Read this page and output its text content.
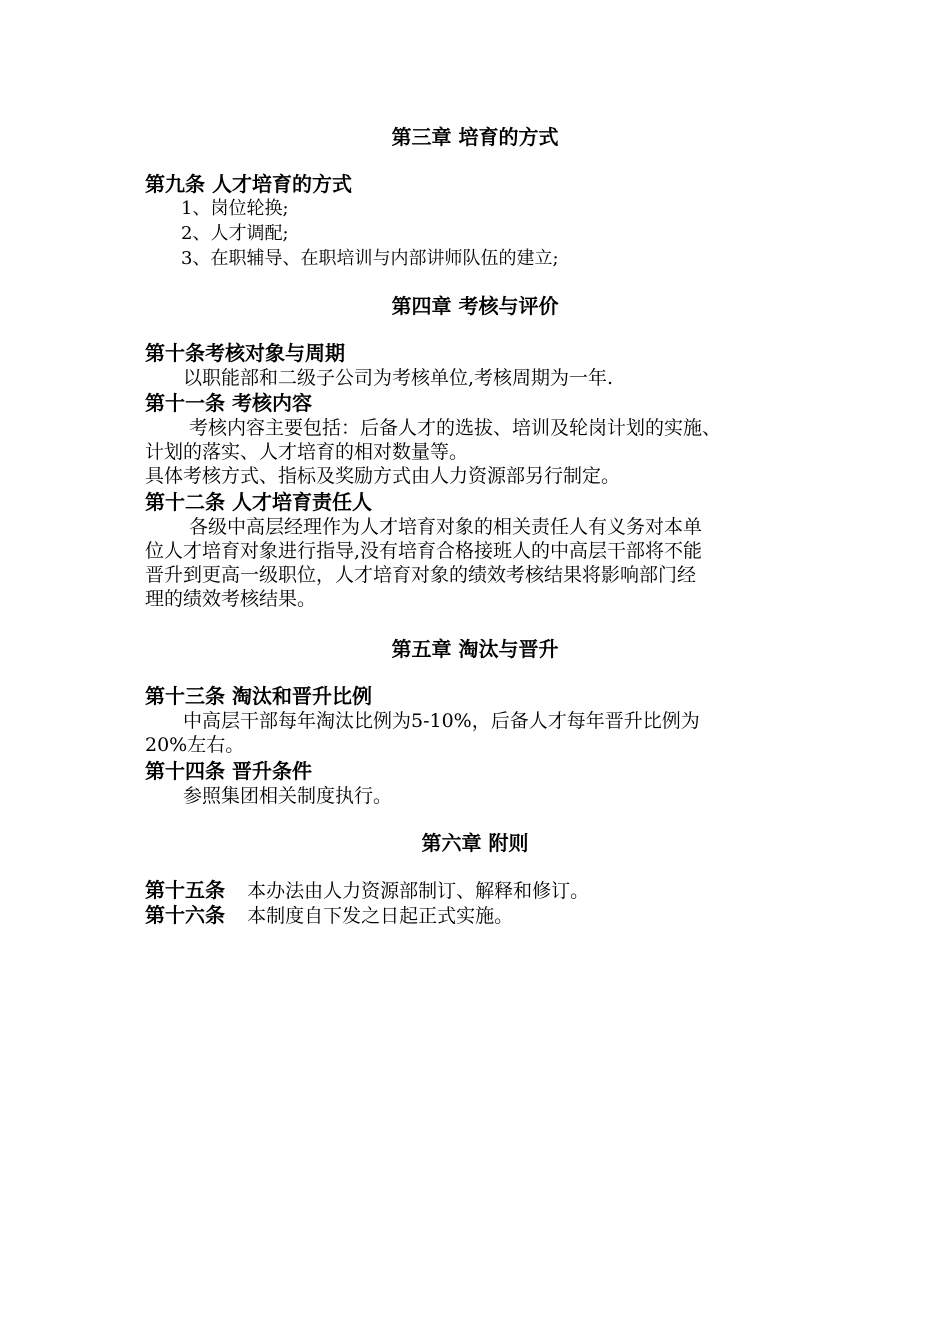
第三章 培育的方式
第九条 人才培育的方式
1、岗位轮换;
2、人才调配;
3、在职辅导、在职培训与内部讲师队伍的建立;
第四章 考核与评价
第十条考核对象与周期
以职能部和二级子公司为考核单位,考核周期为一年.
第十一条 考核内容
考核内容主要包括：后备人才的选拔、培训及轮岗计划的实施、
计划的落实、人才培育的相对数量等。
具体考核方式、指标及奖励方式由人力资源部另行制定。
第十二条 人才培育责任人
各级中高层经理作为人才培育对象的相关责任人有义务对本单
位人才培育对象进行指导,没有培育合格接班人的中高层干部将不能
晋升到更高一级职位，人才培育对象的绩效考核结果将影响部门经
理的绩效考核结果。
第五章 淘汰与晋升
第十三条 淘汰和晋升比例
中高层干部每年淘汰比例为5-10%，后备人才每年晋升比例为
20%左右。
第十四条 晋升条件
参照集团相关制度执行。
第六章 附则
第十五条 本办法由人力资源部制订、解释和修订。
第十六条 本制度自下发之日起正式实施。
